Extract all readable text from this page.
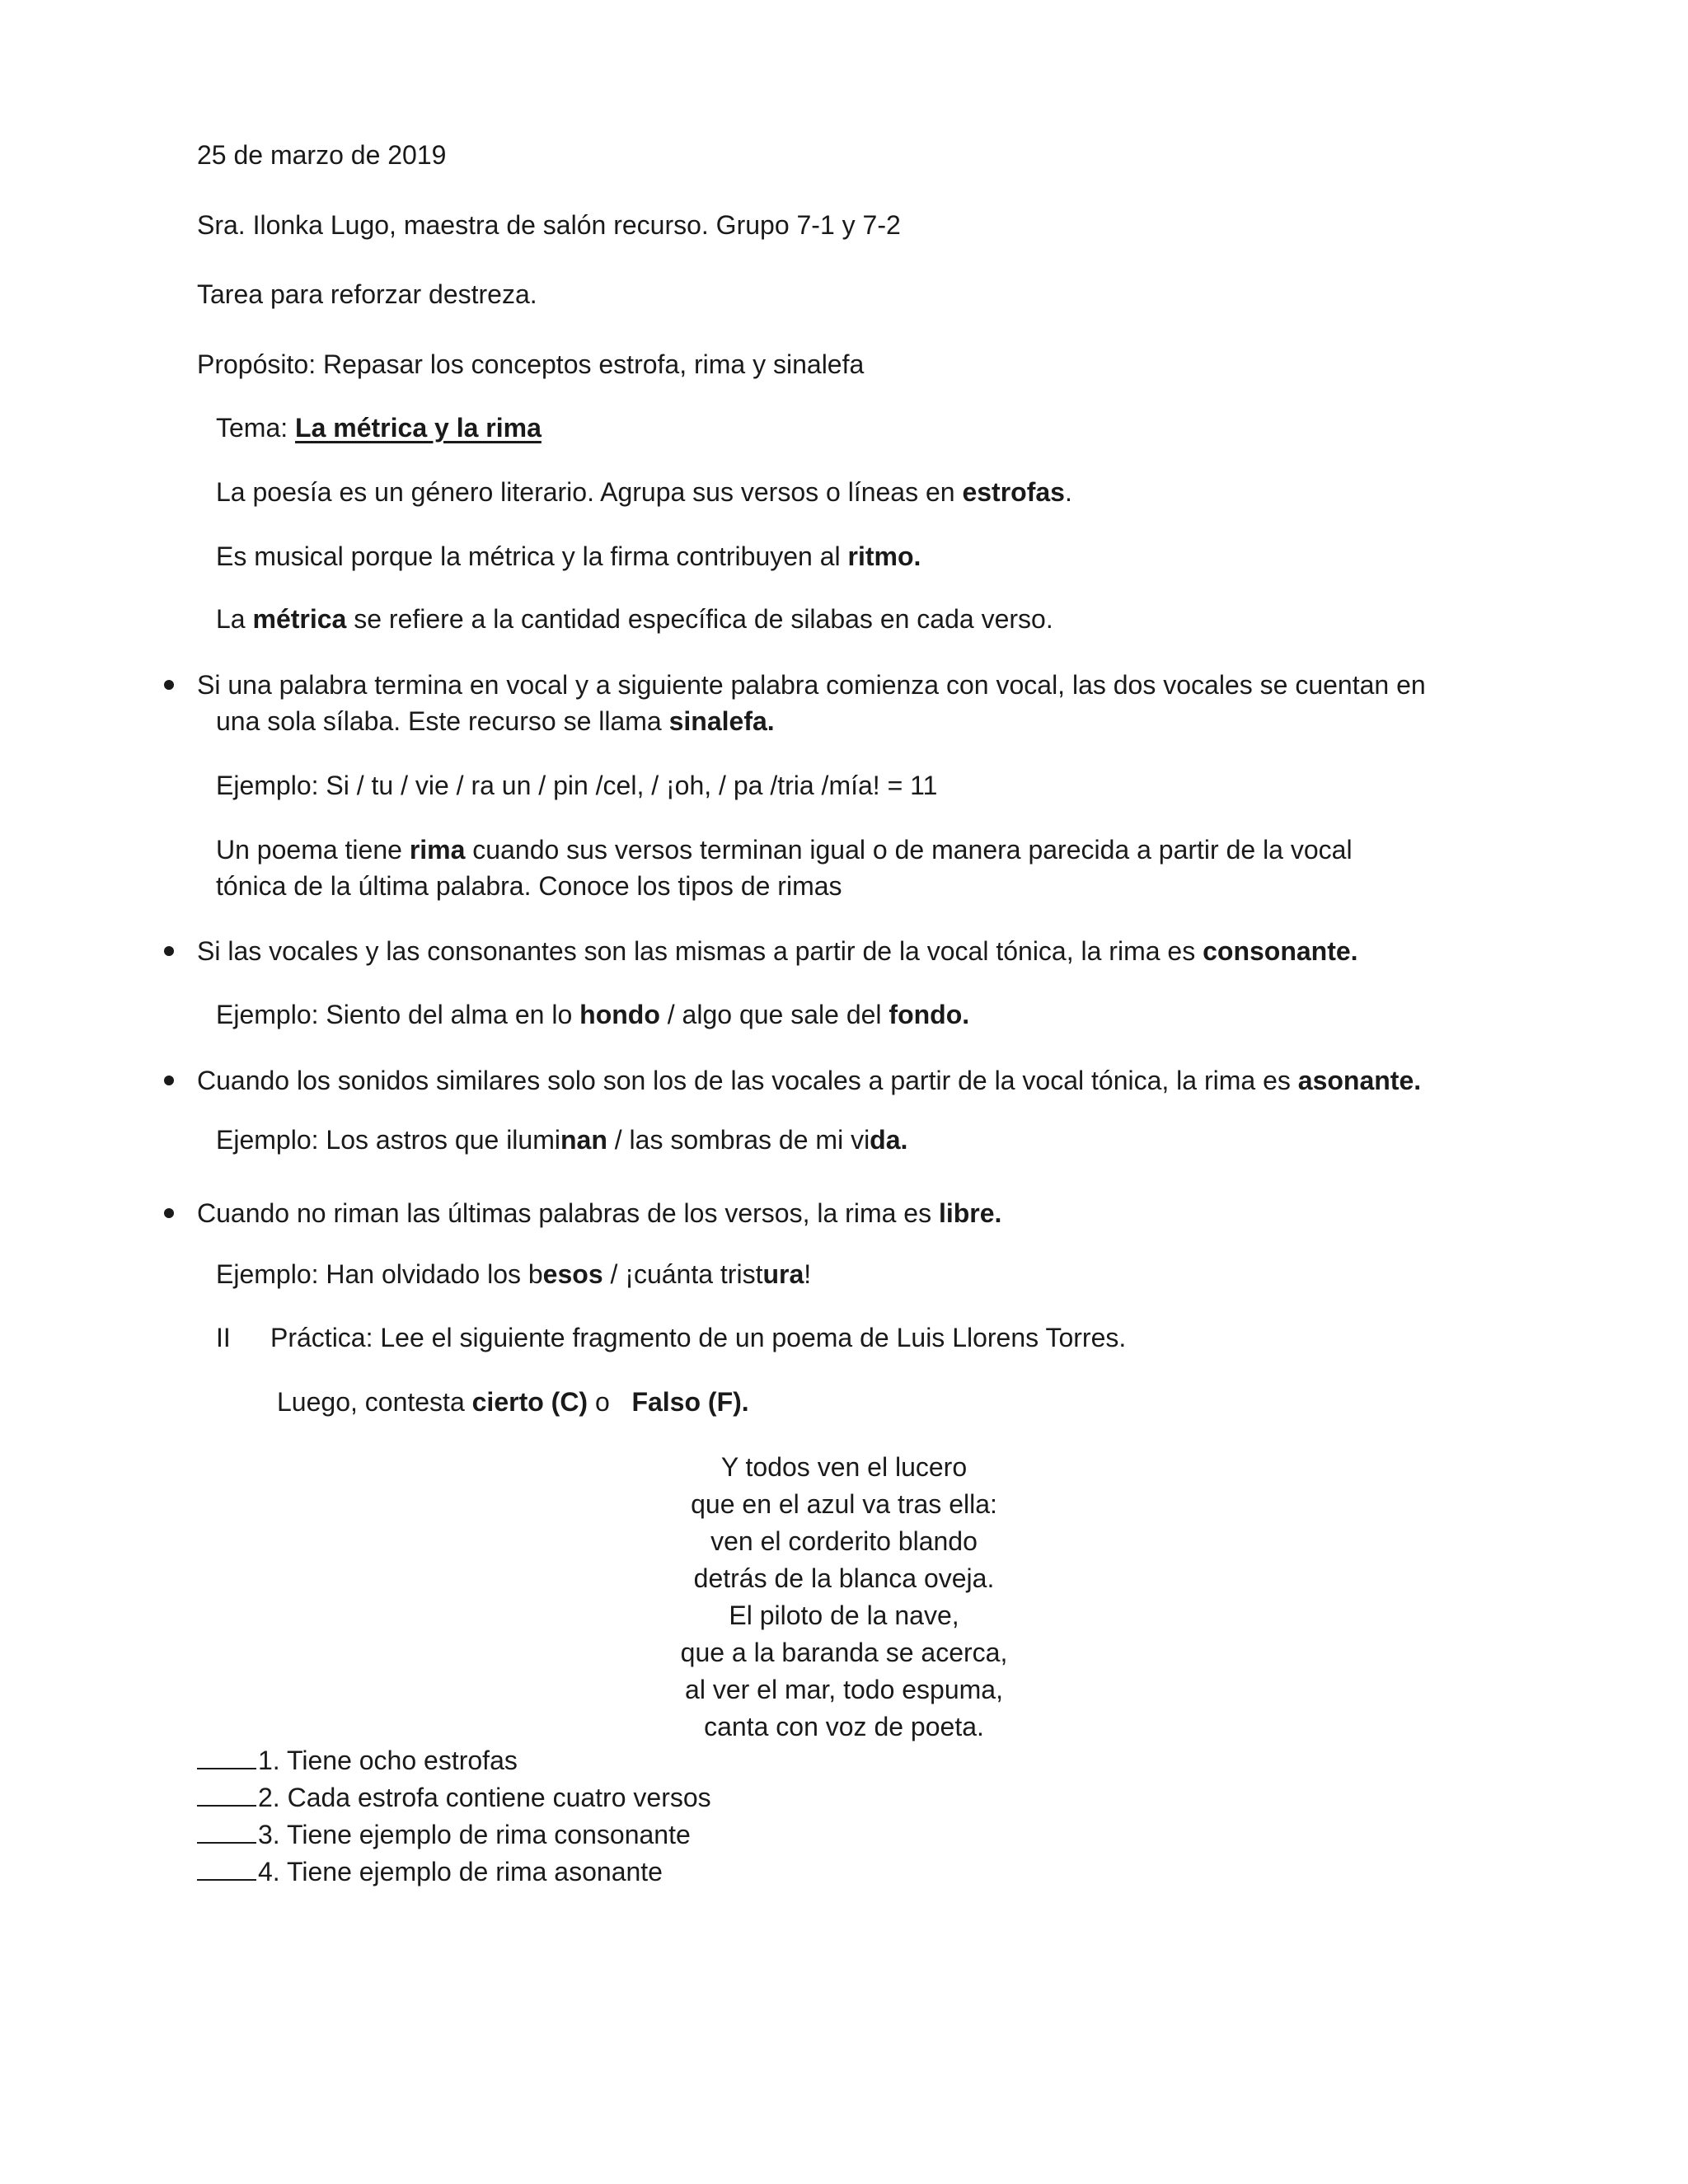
25 de marzo de 2019
Sra. Ilonka Lugo, maestra de salón recurso. Grupo 7-1 y 7-2
Tarea para reforzar destreza.
Propósito: Repasar los conceptos estrofa, rima y sinalefa
Tema: La métrica y la rima
La poesía es un género literario. Agrupa sus versos o líneas en estrofas.
Es musical porque la métrica y la firma contribuyen al ritmo.
La métrica se refiere a la cantidad específica de silabas en cada verso.
Si una palabra termina en vocal y a siguiente palabra comienza con vocal, las dos vocales se cuentan en
una sola sílaba. Este recurso se llama sinalefa.
Ejemplo: Si / tu / vie / ra un / pin /cel, / ¡oh, / pa /tria /mía! = 11
Un poema tiene rima cuando sus versos terminan igual o de manera parecida a partir de la vocal
tónica de la última palabra. Conoce los tipos de rimas
Si las vocales y las consonantes son las mismas a partir de la vocal tónica, la rima es consonante.
Ejemplo: Siento del alma en lo hondo / algo que sale del fondo.
Cuando los sonidos similares solo son los de las vocales a partir de la vocal tónica, la rima es asonante.
Ejemplo: Los astros que iluminan / las sombras de mi vida.
Cuando no riman las últimas palabras de los versos, la rima es libre.
Ejemplo: Han olvidado los besos / ¡cuánta tristura!
II Práctica: Lee el siguiente fragmento de un poema de Luis Llorens Torres.
Luego, contesta cierto (C) o   Falso (F).
Y todos ven el lucero
que en el azul va tras ella:
ven el corderito blando
detrás de la blanca oveja.
El piloto de la nave,
que a la baranda se acerca,
al ver el mar, todo espuma,
canta con voz de poeta.
1. Tiene ocho estrofas
2. Cada estrofa contiene cuatro versos
3. Tiene ejemplo de rima consonante
4. Tiene ejemplo de rima asonante
